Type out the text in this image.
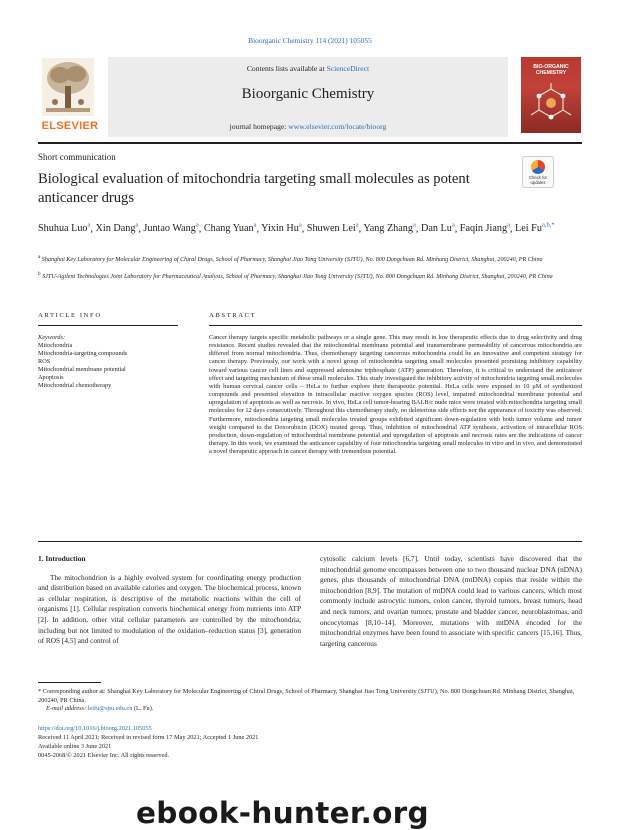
Bioorganic Chemistry 114 (2021) 105055
ELSEVIER
Contents lists available at ScienceDirect
Bioorganic Chemistry
journal homepage: www.elsevier.com/locate/bioorg
BIO-ORGANIC CHEMISTRY
Short communication
Biological evaluation of mitochondria targeting small molecules as potent anticancer drugs
Check for updates
Shuhua Luo$^a$, Xin Dang$^a$, Juntao Wang$^a$, Chang Yuan$^a$, Yixin Hu$^a$, Shuwen Lei$^a$, Yang Zhang$^a$, Dan Lu$^a$, Faqin Jiang$^a$, Lei $Fu^{a,b,*}$
$^a$ Shanghai Key Laboratory for Molecular Engineering of Chiral Drugs, School of Pharmacy, Shanghai Jiao Tong University (SJTU), No. 800 Dongchuan Rd. Minhang District, Shanghai, 200240, PR China
$^b$ SJTU-Agilent Technologies Joint Laboratory for Pharmaceutical Analysis, School of Pharmacy, Shanghai Jiao Tong University (SJTU), No. 800 Dongchuan Rd. Minhang District, Shanghai, 200240, PR China
ARTICLE INFO
Keywords:
Mitochondria
Mitochondria-targeting compounds
ROS
Mitochondrial membrane potential
Apoptosis
Mitochondrial chemotherapy
ABSTRACT
Cancer therapy targets specific metabolic pathways or a single gene. This may result in low therapeutic effects due to drug selectivity and drug resistance. Recent studies revealed that the mitochondrial membrane potential and transmembrane permeability of cancerous mitochondria are differed from normal mitochondria. Thus, chemotherapy targeting cancerous mitochondria could be an innovative and competent strategy for cancer therapy. Previously, our work with a novel group of mitochondria targeting small molecules presented promising inhibitory capability toward various cancer cell lines and suppressed adenosine triphosphate (ATP) generation. Therefore, it is critical to understand the anticancer effect and targeting mechanism of these small molecules. This study investigated the inhibitory activity of mitochondria targeting small molecules with human cervical cancer cells – HeLa to further explore their therapeutic potential. HeLa cells were exposed to 10 μM of synthesized compounds and presented elevation in intracellular reactive oxygen species (ROS) level, impaired mitochondrial membrane potential and upregulation of apoptosis as well as necrosis. In vivo, HeLa cell tumor-bearing BALB/c nude mice were treated with mitochondria targeting small molecules for 12 days consecutively. Throughout this chemotherapy study, no deleterious side effects nor the appearance of toxicity was observed. Furthermore, mitochondria targeting small molecules treated groups exhibited significant down-regulation with both tumor volume and tumor weight compared to the Doxorubicin (DOX) treated group. Thus, inhibition of mitochondrial ATP synthesis, activation of intracellular ROS production, down-regulation of mitochondrial membrane potential and upregulation of apoptosis and necrosis rates are the indications of cancer therapy. In this work, we examined the anticancer capability of four mitochondria targeting small molecules in vitro and in vivo, and demonstrated a novel therapeutic approach in cancer therapy with tremendous potential.
1. Introduction

The mitochondrion is a highly evolved system for coordinating energy production and distribution based on available calories and oxygen. The biochemical process, known as cellular respiration, is descriptive of the metabolic reactions within the cell of organisms [1]. Cellular respiration converts biochemical energy from nutrients into ATP [2]. In addition, other vital cellular parameters are controlled by the mitochondria, including but not limited to modulation of the oxidation–reduction status [3], generation of ROS [4,5] and control of

cytosolic calcium levels [6,7]. Until today, scientists have discovered that the mitochondrial genome encompasses between one to two thousand nuclear DNA (nDNA) genes, plus thousands of mitochondrial DNA (mtDNA) copies that reside within the mitochondrion [8,9]. The mutation of mtDNA could lead to various cancers, which most commonly include astrocytic tumors, colon cancer, thyroid tumors, breast tumors, head and neck tumors, and ovarian tumors, prostate and bladder cancer, neuroblastomas, and oncocytomas [8,10–14]. Moreover, mutations with mtDNA encoded for the mitochondrial enzymes have been found to associate with specific cancers [15,16]. Thus, targeting cancerous

* Corresponding author at: Shanghai Key Laboratory for Molecular Engineering of Chiral Drugs, School of Pharmacy, Shanghai Jiao Tong University (SJTU), No. 800 Dongchuan Rd. Minhang District, Shanghai, 200240, PR China.
E-mail address: leifu@sjtu.edu.cn (L. Fu).
https://doi.org/10.1016/j.bioorg.2021.105055
Received 11 April 2021; Received in revised form 17 May 2021; Accepted 1 June 2021
Available online 3 June 2021
0045-2068/© 2021 Elsevier Inc. All rights reserved.
ebook-hunter.org
